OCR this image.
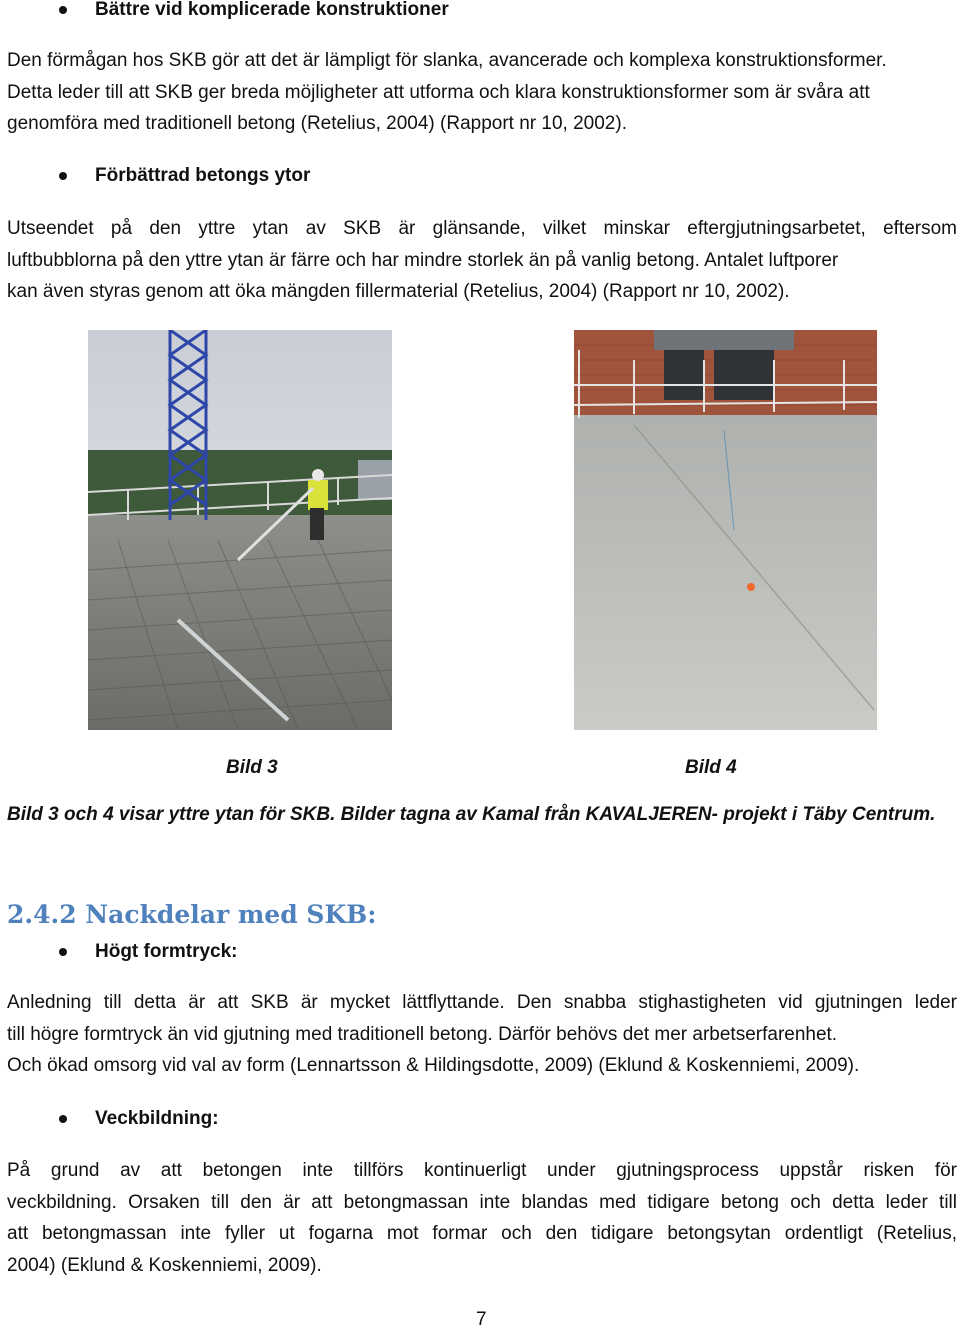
Bättre vid komplicerade konstruktioner
Den förmågan hos SKB gör att det är lämpligt för slanka, avancerade och komplexa konstruktionsformer.
Detta leder till att SKB ger breda möjligheter att utforma och klara konstruktionsformer som är svåra att
genomföra med traditionell betong (Retelius, 2004) (Rapport nr 10, 2002).
Förbättrad betongs ytor
Utseendet på den yttre ytan av SKB är glänsande, vilket minskar eftergjutningsarbetet, eftersom
luftbubblorna på den yttre ytan är färre och har mindre storlek än på vanlig betong. Antalet luftporer
kan även styras genom att öka mängden fillermaterial (Retelius, 2004) (Rapport nr 10, 2002).
Bild 3	Bild 4
Bild 3 och 4 visar yttre ytan för SKB. Bilder tagna av Kamal från KAVALJEREN- projekt i Täby Centrum.
2.4.2 Nackdelar med SKB:
Högt formtryck:
Anledning till detta är att SKB är mycket lättflyttande. Den snabba stighastigheten vid gjutningen leder
till högre formtryck än vid gjutning med traditionell betong. Därför behövs det mer arbetserfarenhet.
Och ökad omsorg vid val av form (Lennartsson & Hildingsdotte, 2009) (Eklund & Koskenniemi, 2009).
Veckbildning:
På grund av att betongen inte tillförs kontinuerligt under gjutningsprocess uppstår risken för
veckbildning. Orsaken till den är att betongmassan inte blandas med tidigare betong och detta leder till
att betongmassan inte fyller ut fogarna mot formar och den tidigare betongsytan ordentligt (Retelius,
2004) (Eklund & Koskenniemi, 2009).
7
